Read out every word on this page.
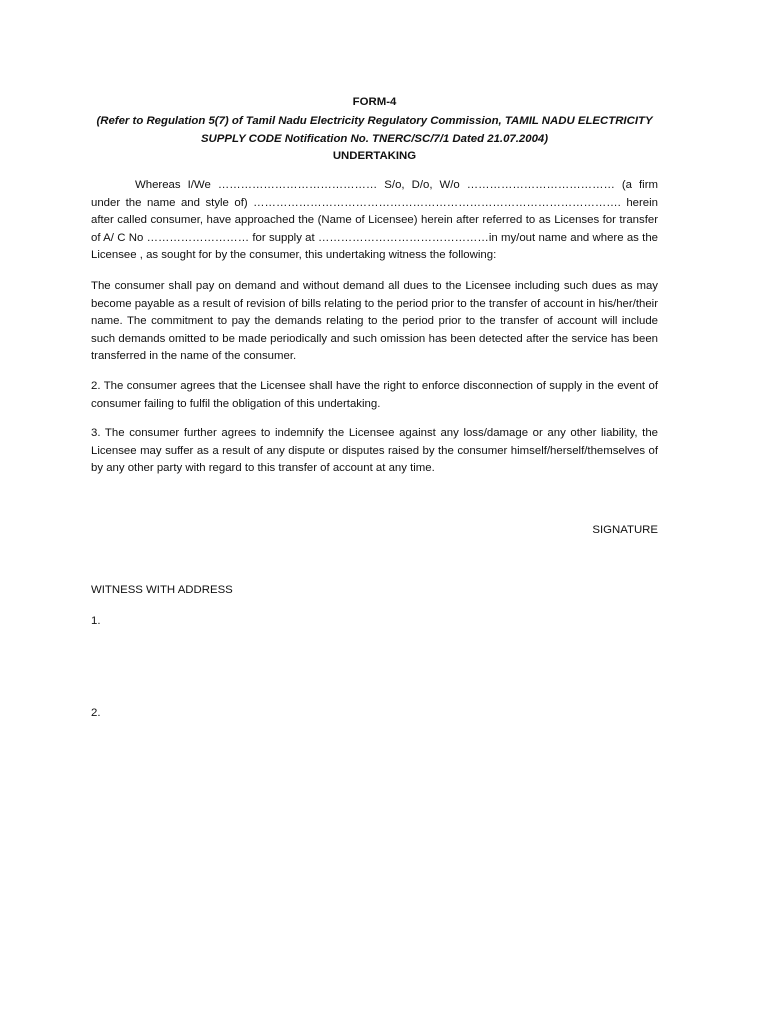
FORM-4
(Refer to Regulation 5(7) of Tamil Nadu Electricity Regulatory Commission, TAMIL NADU ELECTRICITY SUPPLY CODE Notification No. TNERC/SC/7/1 Dated 21.07.2004)
UNDERTAKING

Whereas I/We …………………………………… S/o, D/o, W/o ………………………………… (a firm under the name and style of) ……………………………………………………………………………………. herein after called consumer, have approached the (Name of Licensee) herein after referred to as Licenses for transfer of A/ C No ……………………… for supply at ………………………………………in my/out name and where as the Licensee , as sought for by the consumer, this undertaking witness the following:

The consumer shall pay on demand and without demand all dues to the Licensee including such dues as may become payable as a result of revision of bills relating to the period prior to the transfer of account in his/her/their name. The commitment to pay the demands relating to the period prior to the transfer of account will include such demands omitted to be made periodically and such omission has been detected after the service has been transferred in the name of the consumer.

2. The consumer agrees that the Licensee shall have the right to enforce disconnection of supply in the event of consumer failing to fulfil the obligation of this undertaking.

3. The consumer further agrees to indemnify the Licensee against any loss/damage or any other liability, the Licensee may suffer as a result of any dispute or disputes raised by the consumer himself/herself/themselves of by any other party with regard to this transfer of account at any time.

SIGNATURE
WITNESS WITH ADDRESS
1.
2.
